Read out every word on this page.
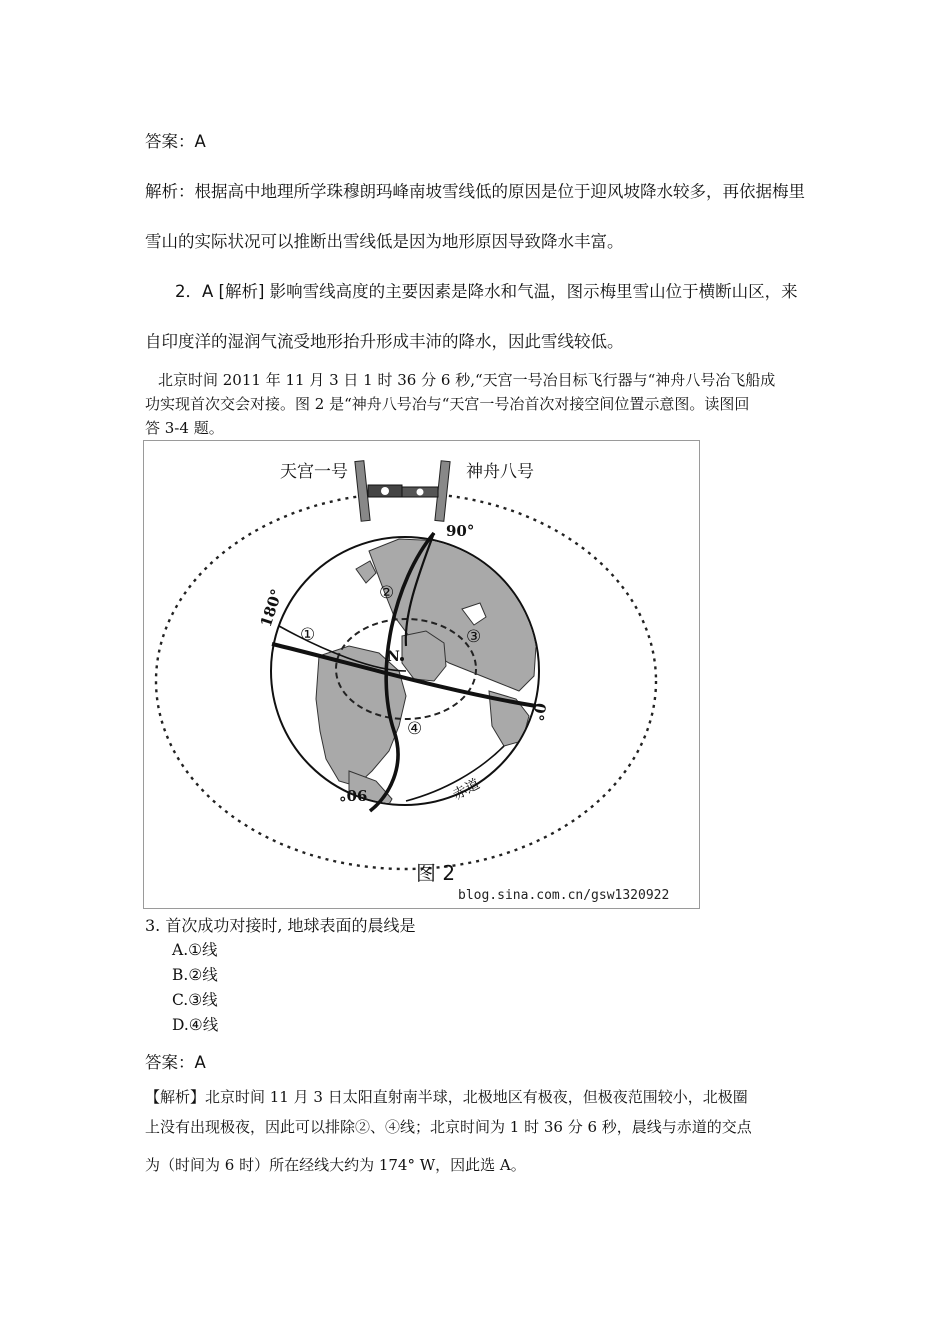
答案：A
解析：根据高中地理所学珠穆朗玛峰南坡雪线低的原因是位于迎风坡降水较多，再依据梅里
雪山的实际状况可以推断出雪线低是因为地形原因导致降水丰富。
2．A [解析] 影响雪线高度的主要因素是降水和气温，图示梅里雪山位于横断山区，来
自印度洋的湿润气流受地形抬升形成丰沛的降水，因此雪线较低。
北京时间 2011 年 11 月 3 日 1 时 36 分 6 秒,“天宫一号冶目标飞行器与“神舟八号冶飞船成
功实现首次交会对接。图 2 是“神舟八号冶与“天宫一号冶首次对接空间位置示意图。读图回
答 3-4 题。
天宫一号	神舟八号
90°
180°
0°
90°
①
②
③
④
N
赤道
图 2
blog.sina.com.cn/gsw1320922
3. 首次成功对接时, 地球表面的晨线是
A.①线
B.②线
C.③线
D.④线
答案：A
【解析】北京时间 11 月 3 日太阳直射南半球，北极地区有极夜，但极夜范围较小，北极圈
上没有出现极夜，因此可以排除②、④线；北京时间为 1 时 36 分 6 秒，晨线与赤道的交点
为（时间为 6 时）所在经线大约为 174° W，因此选 A。
